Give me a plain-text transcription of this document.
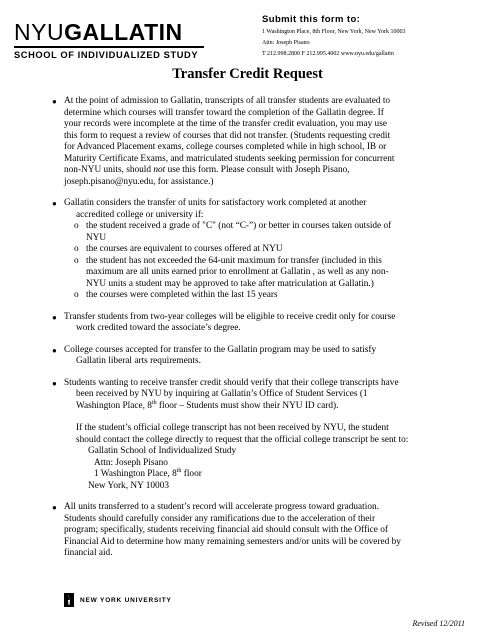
NYUGALLATIN
SCHOOL OF INDIVIDUALIZED STUDY
Submit this form to:
1 Washington Place, 8th Floor, New York, New York 10003
Attn: Joseph Pisano
T 212.998.2800 F 212.995.4002 www.nyu.edu/gallatin
Transfer Credit Request
● At the point of admission to Gallatin, transcripts of all transfer students are evaluated to
determine which courses will transfer toward the completion of the Gallatin degree. If
your records were incomplete at the time of the transfer credit evaluation, you may use
this form to request a review of courses that did not transfer. (Students requesting credit
for Advanced Placement exams, college courses completed while in high school, IB or
Maturity Certificate Exams, and matriculated students seeking permission for concurrent
non-NYU units, should not use this form. Please consult with Joseph Pisano,
joseph.pisano@nyu.edu, for assistance.)
● Gallatin considers the transfer of units for satisfactory work completed at another
accredited college or university if:
o the student received a grade of "C" (not “C-”) or better in courses taken outside of
NYU
o the courses are equivalent to courses offered at NYU
o the student has not exceeded the 64-unit maximum for transfer (included in this
maximum are all units earned prior to enrollment at Gallatin , as well as any non-
NYU units a student may be approved to take after matriculation at Gallatin.)
o the courses were completed within the last 15 years
● Transfer students from two-year colleges will be eligible to receive credit only for course
work credited toward the associate’s degree.
● College courses accepted for transfer to the Gallatin program may be used to satisfy
Gallatin liberal arts requirements.
● Students wanting to receive transfer credit should verify that their college transcripts have
been received by NYU by inquiring at Gallatin’s Office of Student Services (1
Washington Place, 8th floor – Students must show their NYU ID card).
If the student’s official college transcript has not been received by NYU, the student
should contact the college directly to request that the official college transcript be sent to:
Gallatin School of Individualized Study
Attn: Joseph Pisano
1 Washington Place, 8th floor
New York, NY 10003
● All units transferred to a student’s record will accelerate progress toward graduation.
Students should carefully consider any ramifications due to the acceleration of their
program; specifically, students receiving financial aid should consult with the Office of
Financial Aid to determine how many remaining semesters and/or units will be covered by
financial aid.
NEW YORK UNIVERSITY
Revised 12/2011
